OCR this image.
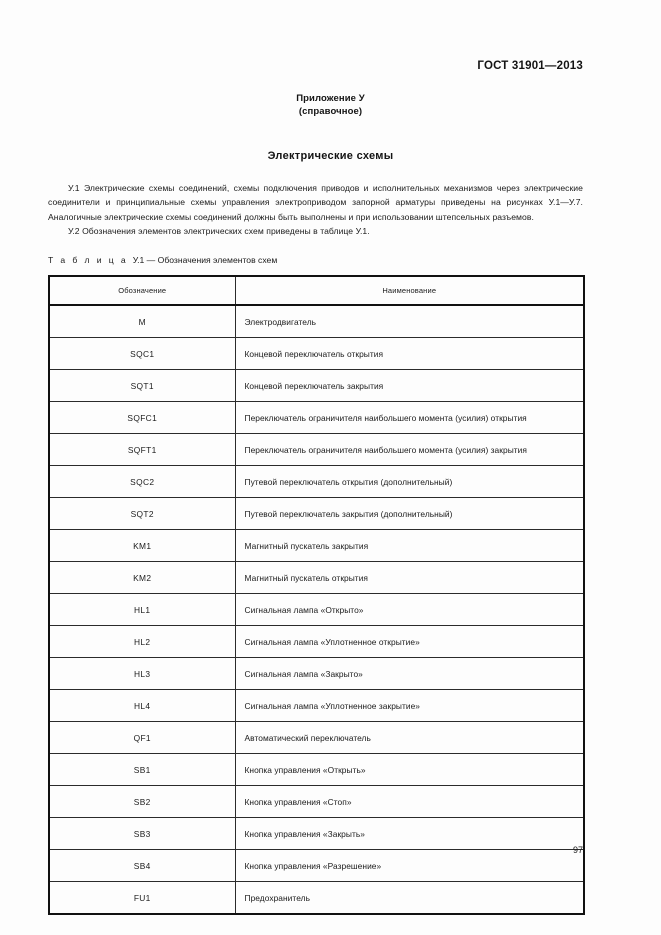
ГОСТ 31901—2013
Приложение У
(справочное)
Электрические схемы

У.1 Электрические схемы соединений, схемы подключения приводов и исполнительных механизмов через электрические соединители и принципиальные схемы управления электроприводом запорной арматуры приведены на рисунках У.1—У.7. Аналогичные электрические схемы соединений должны быть выполнены и при использовании штепсельных разъемов.

У.2 Обозначения элементов электрических схем приведены в таблице У.1.

Т а б л и ц а У.1 — Обозначения элементов схем
Обозначение	Наименование
M	Электродвигатель
SQC1	Концевой переключатель открытия
SQT1	Концевой переключатель закрытия
SQFC1	Переключатель ограничителя наибольшего момента (усилия) открытия
SQFT1	Переключатель ограничителя наибольшего момента (усилия) закрытия
SQC2	Путевой переключатель открытия (дополнительный)
SQT2	Путевой переключатель закрытия (дополнительный)
KM1	Магнитный пускатель закрытия
KM2	Магнитный пускатель открытия
HL1	Сигнальная лампа «Открыто»
HL2	Сигнальная лампа «Уплотненное открытие»
HL3	Сигнальная лампа «Закрыто»
HL4	Сигнальная лампа «Уплотненное закрытие»
QF1	Автоматический переключатель
SB1	Кнопка управления «Открыть»
SB2	Кнопка управления «Стоп»
SB3	Кнопка управления «Закрыть»
SB4	Кнопка управления «Разрешение»
FU1	Предохранитель
97
